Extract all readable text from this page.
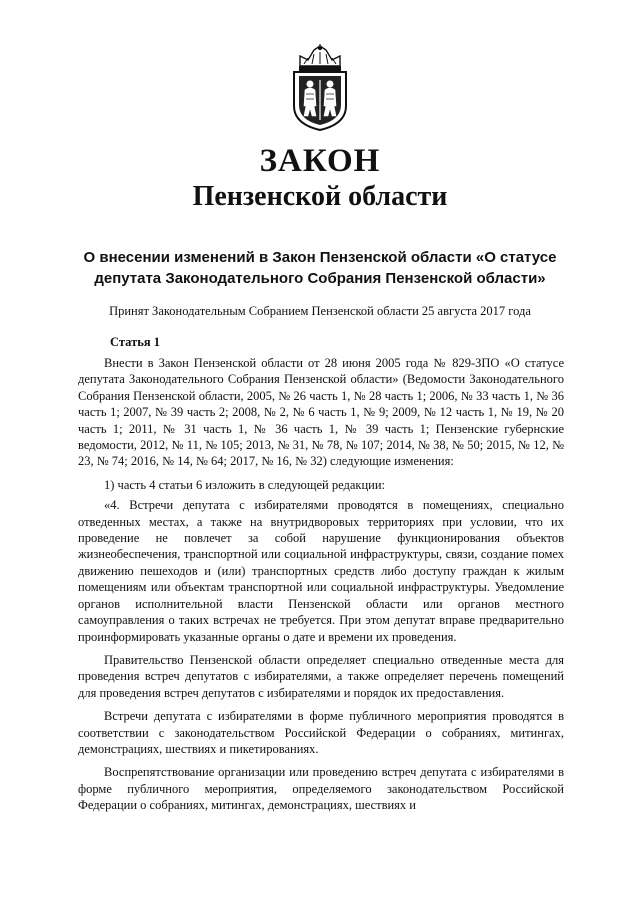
ЗАКОН
Пензенской области
О внесении изменений в Закон Пензенской области «О статусе депутата Законодательного Собрания Пензенской области»
Принят Законодательным Собранием Пензенской области 25 августа 2017 года
Статья 1

Внести в Закон Пензенской области от 28 июня 2005 года № 829-ЗПО «О статусе депутата Законодательного Собрания Пензенской области» (Ведомости Законодательного Собрания Пензенской области, 2005, № 26 часть 1, № 28 часть 1; 2006, № 33 часть 1, № 36 часть 1; 2007, № 39 часть 2; 2008, № 2, № 6 часть 1, № 9; 2009, № 12 часть 1, № 19, № 20 часть 1; 2011, № 31 часть 1, № 36 часть 1, № 39 часть 1; Пензенские губернские ведомости, 2012, № 11, № 105; 2013, № 31, № 78, № 107; 2014, № 38, № 50; 2015, № 12, № 23, № 74; 2016, № 14, № 64; 2017, № 16, № 32) следующие изменения:

1) часть 4 статьи 6 изложить в следующей редакции:

«4. Встречи депутата с избирателями проводятся в помещениях, специально отведенных местах, а также на внутридворовых территориях при условии, что их проведение не повлечет за собой нарушение функционирования объектов жизнеобеспечения, транспортной или социальной инфраструктуры, связи, создание помех движению пешеходов и (или) транспортных средств либо доступу граждан к жилым помещениям или объектам транспортной или социальной инфраструктуры. Уведомление органов исполнительной власти Пензенской области или органов местного самоуправления о таких встречах не требуется. При этом депутат вправе предварительно проинформировать указанные органы о дате и времени их проведения.

Правительство Пензенской области определяет специально отведенные места для проведения встреч депутатов с избирателями, а также определяет перечень помещений для проведения встреч депутатов с избирателями и порядок их предоставления.

Встречи депутата с избирателями в форме публичного мероприятия проводятся в соответствии с законодательством Российской Федерации о собраниях, митингах, демонстрациях, шествиях и пикетированиях.

Воспрепятствование организации или проведению встреч депутата с избирателями в форме публичного мероприятия, определяемого законодательством Российской Федерации о собраниях, митингах, демонстрациях, шествиях и
